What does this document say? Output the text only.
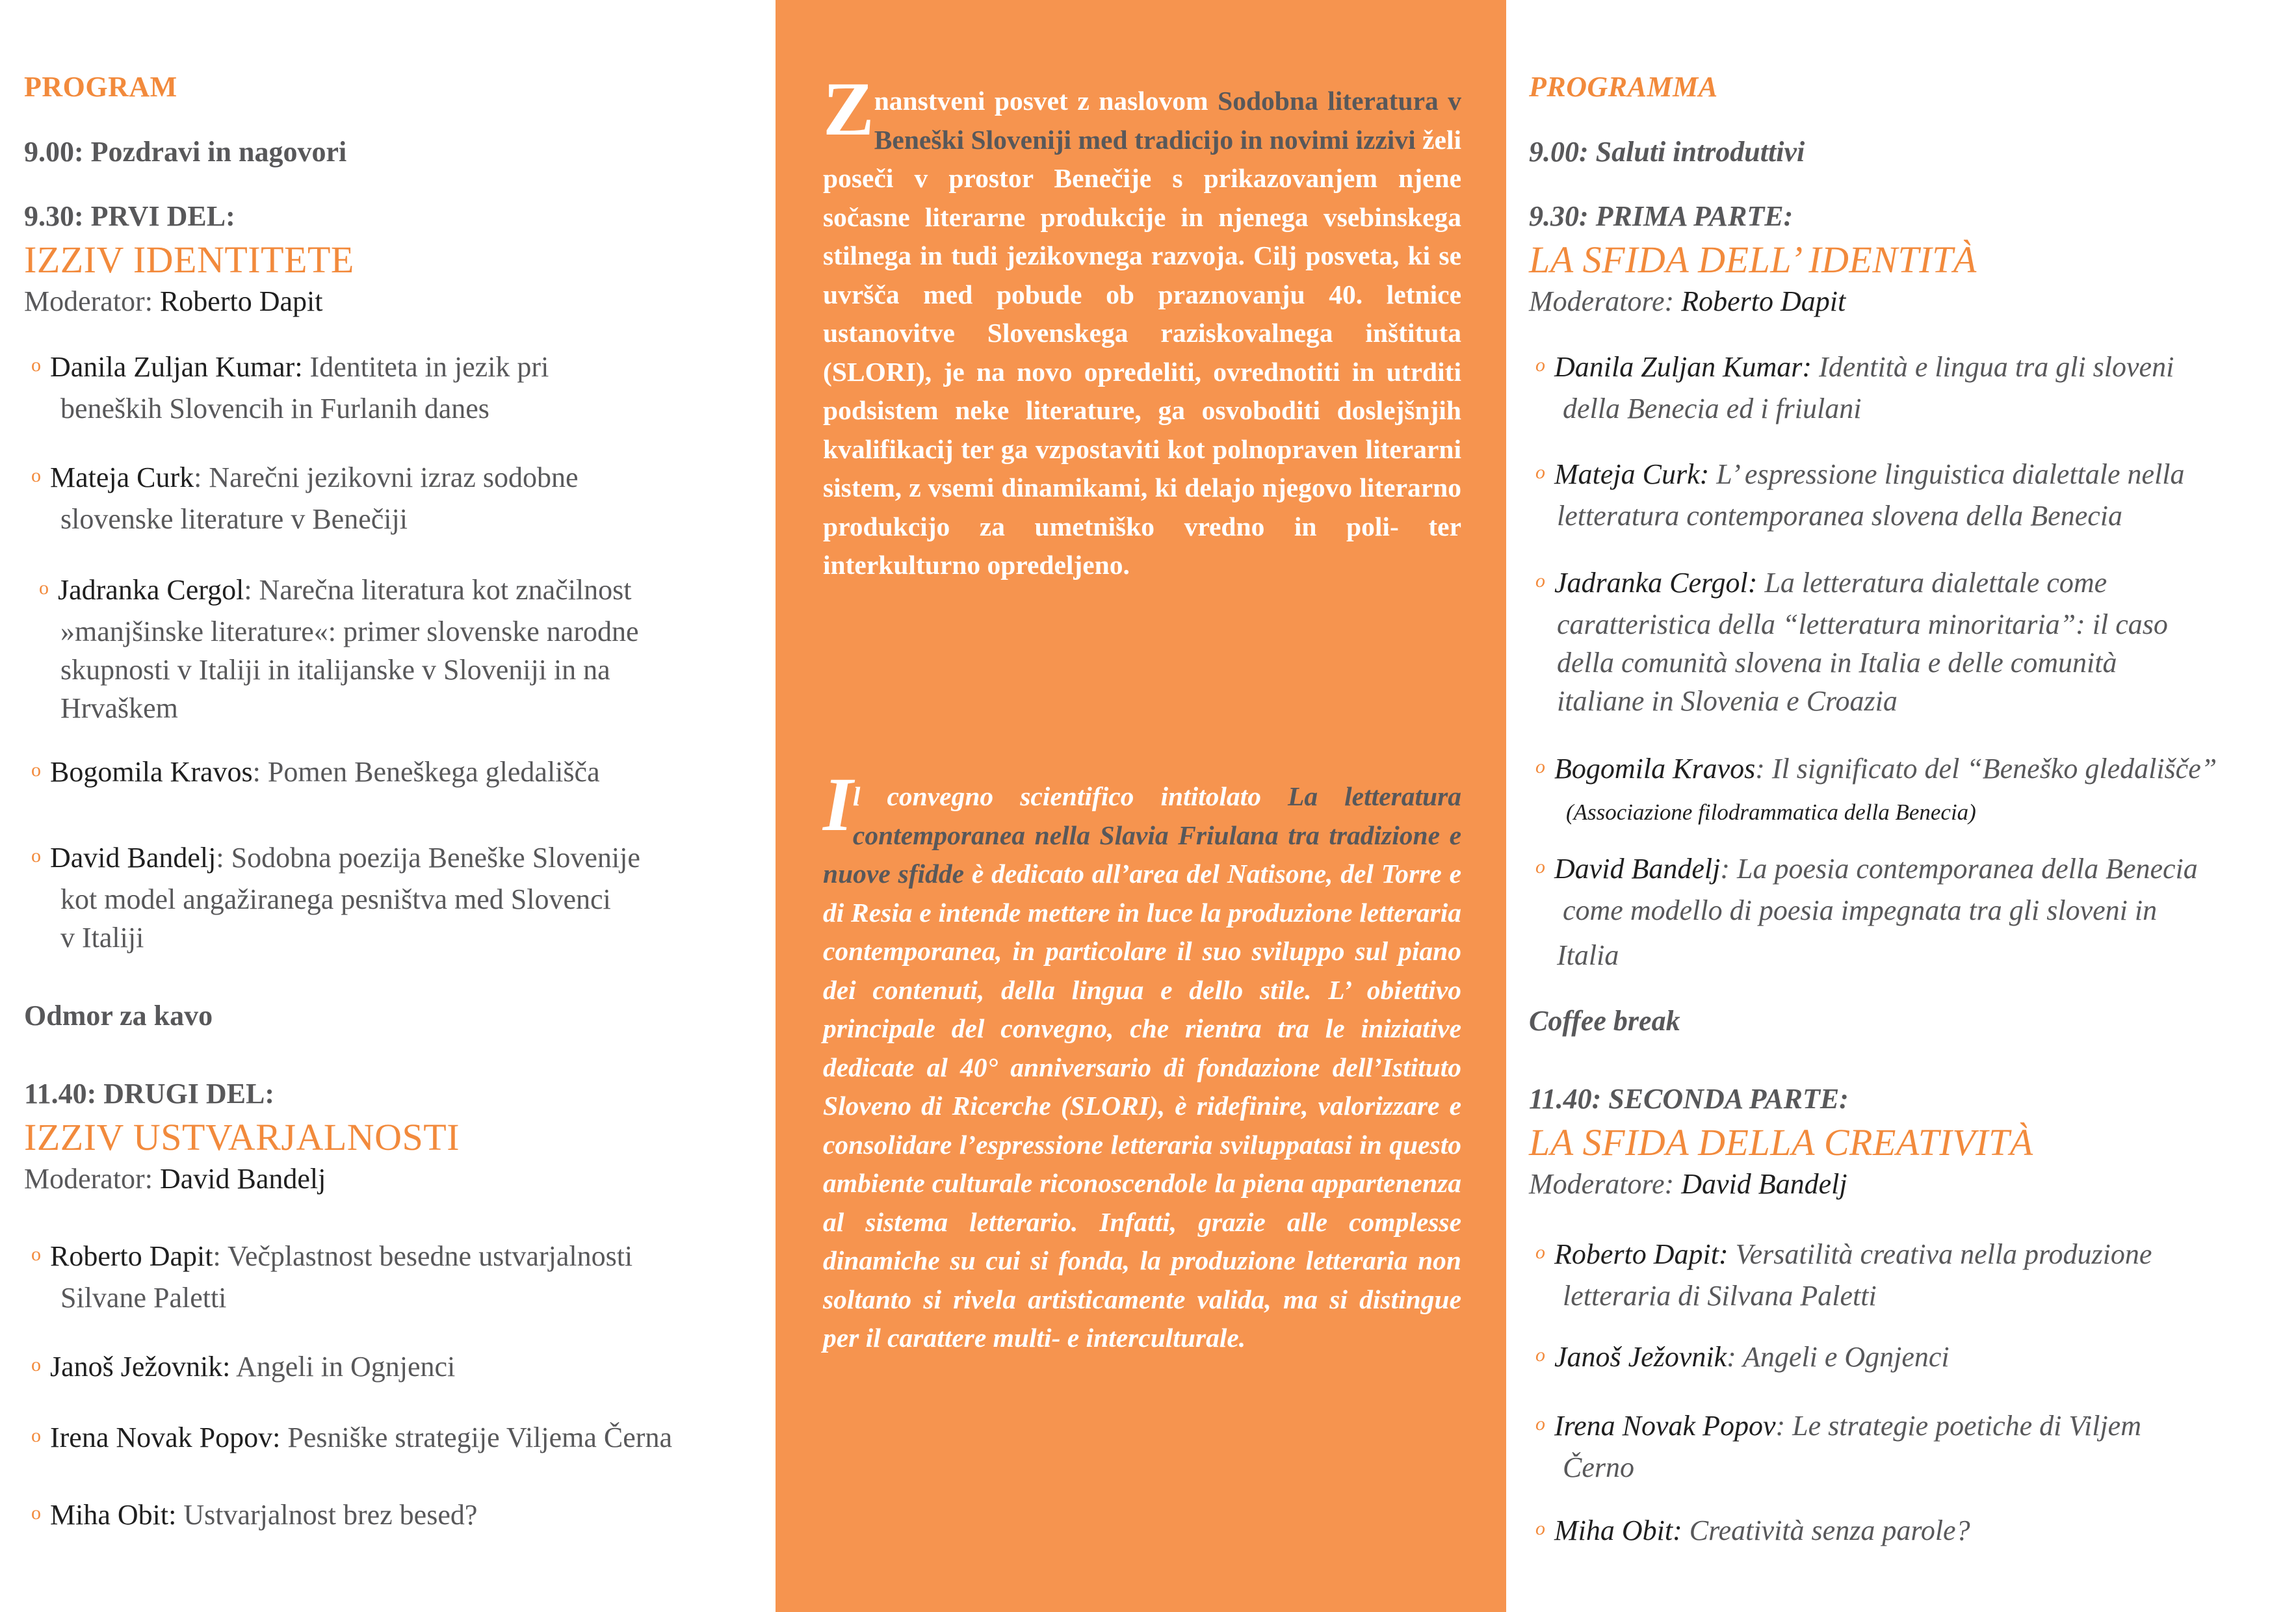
PROGRAM
9.00: Pozdravi in nagovori
9.30: PRVI DEL:
IZZIV IDENTITETE
Moderator: Roberto Dapit
o Danila Zuljan Kumar: Identiteta in jezik pri
beneških Slovencih in Furlanih danes
o Mateja Curk: Narečni jezikovni izraz sodobne
slovenske literature v Benečiji
o Jadranka Cergol: Narečna literatura kot značilnost
»manjšinske literature«: primer slovenske narodne
skupnosti v Italiji in italijanske v Sloveniji in na
Hrvaškem
o Bogomila Kravos: Pomen Beneškega gledališča
o David Bandelj: Sodobna poezija Beneške Slovenije
kot model angažiranega pesništva med Slovenci
v Italiji
Odmor za kavo
11.40: DRUGI DEL:
IZZIV USTVARJALNOSTI
Moderator: David Bandelj
o Roberto Dapit: Večplastnost besedne ustvarjalnosti
Silvane Paletti
o Janoš Ježovnik: Angeli in Ognjenci
o Irena Novak Popov: Pesniške strategije Viljema Černa
o Miha Obit: Ustvarjalnost brez besed?
Znanstveni posvet z naslovom Sodobna literatura v Beneški Sloveniji med tradicijo in novimi izzivi želi poseči v prostor Benečije s prikazovanjem njene sočasne literarne produkcije in njenega vsebinskega stilnega in tudi jezikovnega razvoja. Cilj posveta, ki se uvršča med pobude ob praznovanju 40. letnice ustanovitve Slovenskega raziskovalnega inštituta (SLORI), je na novo opredeliti, ovrednotiti in utrditi podsistem neke literature, ga osvoboditi doslejšnjih kvalifikacij ter ga vzpostaviti kot polnopraven literarni sistem, z vsemi dinamikami, ki delajo njegovo literarno produkcijo za umetniško vredno in poli- ter interkulturno opredeljeno.
Il convegno scientifico intitolato La letteratura contemporanea nella Slavia Friulana tra tradizione e nuove sfidde è dedicato all’area del Natisone, del Torre e di Resia e intende mettere in luce la produzione letteraria contemporanea, in particolare il suo sviluppo sul piano dei contenuti, della lingua e dello stile. L’ obiettivo principale del convegno, che rientra tra le iniziative dedicate al 40° anniversario di fondazione dell’Istituto Sloveno di Ricerche (SLORI), è ridefinire, valorizzare e consolidare l’espressione letteraria sviluppatasi in questo ambiente culturale riconoscendole la piena appartenenza al sistema letterario. Infatti, grazie alle complesse dinamiche su cui si fonda, la produzione letteraria non soltanto si rivela artisticamente valida, ma si distingue per il carattere multi- e interculturale.
PROGRAMMA
9.00: Saluti introduttivi
9.30: PRIMA PARTE:
LA SFIDA DELL’ IDENTITÀ
Moderatore: Roberto Dapit
o Danila Zuljan Kumar: Identità e lingua tra gli sloveni
della Benecia ed i friulani
o Mateja Curk: L’ espressione linguistica dialettale nella
letteratura contemporanea slovena della Benecia
o Jadranka Cergol: La letteratura dialettale come
caratteristica della “letteratura minoritaria”: il caso
della comunità slovena in Italia e delle comunità
italiane in Slovenia e Croazia
o Bogomila Kravos: Il significato del “Beneško gledališče”
(Associazione filodrammatica della Benecia)
o David Bandelj: La poesia contemporanea della Benecia
come modello di poesia impegnata tra gli sloveni in
Italia
Coffee break
11.40: SECONDA PARTE:
LA SFIDA DELLA CREATIVITÀ
Moderatore: David Bandelj
o Roberto Dapit: Versatilità creativa nella produzione
letteraria di Silvana Paletti
o Janoš Ježovnik: Angeli e Ognjenci
o Irena Novak Popov: Le strategie poetiche di Viljem
Černo
o Miha Obit: Creatività senza parole?
